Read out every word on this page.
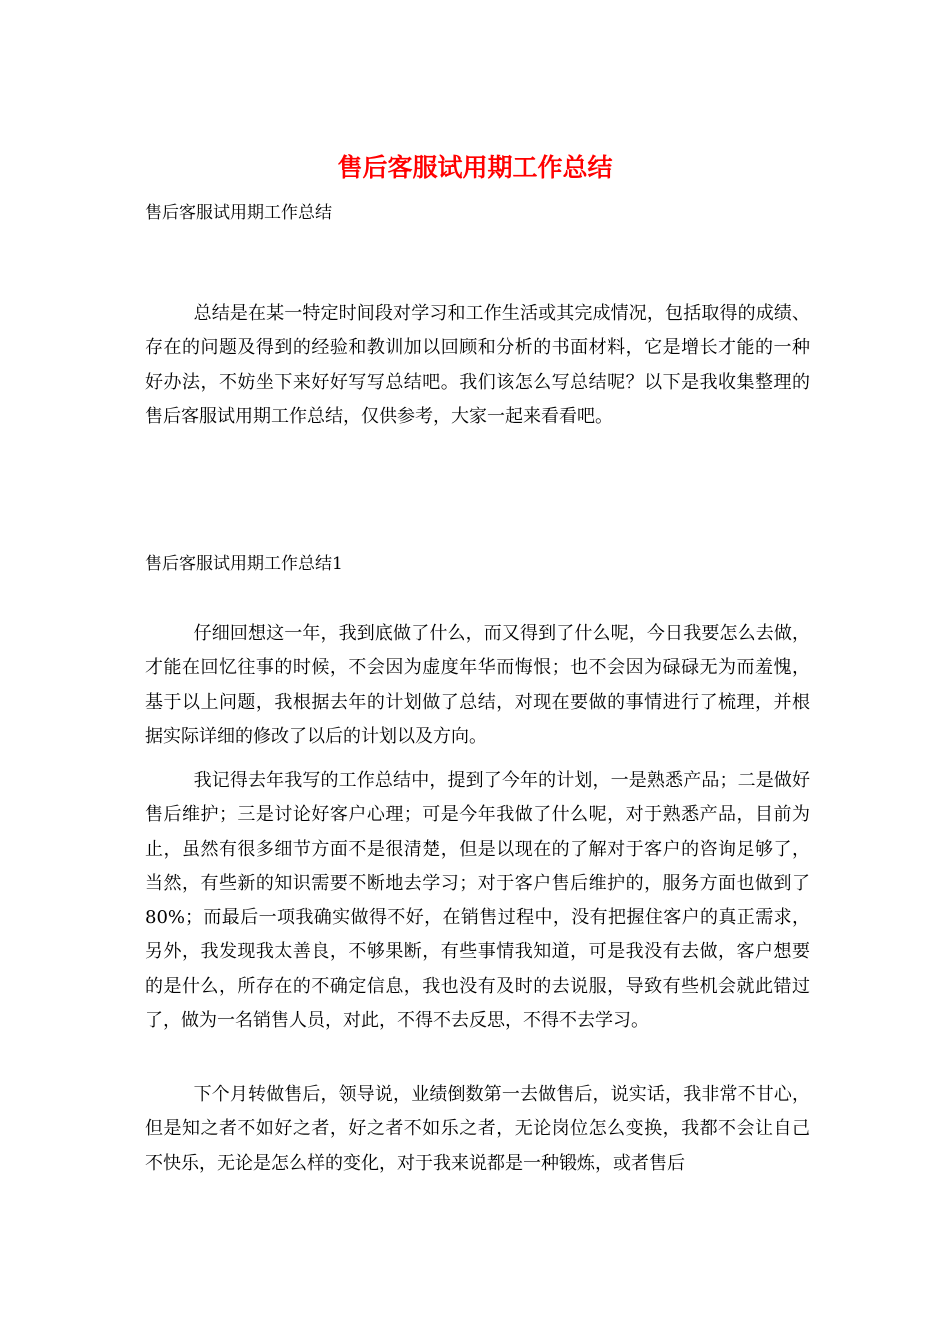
售后客服试用期工作总结

售后客服试用期工作总结

总结是在某一特定时间段对学习和工作生活或其完成情况，包括取得的成绩、存在的问题及得到的经验和教训加以回顾和分析的书面材料，它是增长才能的一种好办法，不妨坐下来好好写写总结吧。我们该怎么写总结呢？以下是我收集整理的售后客服试用期工作总结，仅供参考，大家一起来看看吧。

售后客服试用期工作总结1

仔细回想这一年，我到底做了什么，而又得到了什么呢，今日我要怎么去做，才能在回忆往事的时候，不会因为虚度年华而悔恨；也不会因为碌碌无为而羞愧，基于以上问题，我根据去年的计划做了总结，对现在要做的事情进行了梳理，并根据实际详细的修改了以后的计划以及方向。

我记得去年我写的工作总结中，提到了今年的计划，一是熟悉产品；二是做好售后维护；三是讨论好客户心理；可是今年我做了什么呢，对于熟悉产品，目前为止，虽然有很多细节方面不是很清楚，但是以现在的了解对于客户的咨询足够了，当然，有些新的知识需要不断地去学习；对于客户售后维护的，服务方面也做到了80%；而最后一项我确实做得不好，在销售过程中，没有把握住客户的真正需求，另外，我发现我太善良，不够果断，有些事情我知道，可是我没有去做，客户想要的是什么，所存在的不确定信息，我也没有及时的去说服，导致有些机会就此错过了，做为一名销售人员，对此，不得不去反思，不得不去学习。

下个月转做售后，领导说，业绩倒数第一去做售后，说实话，我非常不甘心，但是知之者不如好之者，好之者不如乐之者，无论岗位怎么变换，我都不会让自己不快乐，无论是怎么样的变化，对于我来说都是一种锻炼，或者售后
